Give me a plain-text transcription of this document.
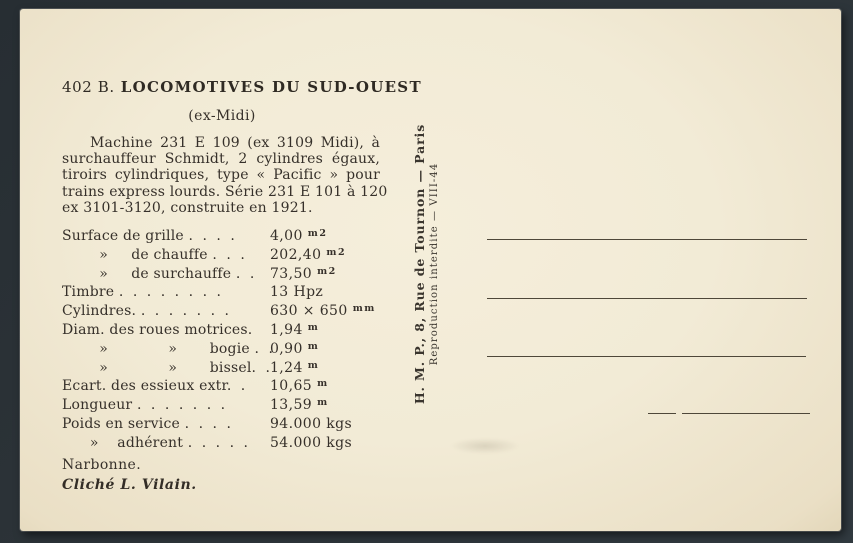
402 B. LOCOMOTIVES DU SUD-OUEST
(ex-Midi)
Machine 231 E 109 (ex 3109 Midi), à
surchauffeur Schmidt, 2 cylindres égaux,
tiroirs cylindriques, type « Pacific » pour
trains express lourds. Série 231 E 101 à 120
ex 3101-3120, construite en 1921.
Surface de grille .  .  .  . 4,00 $^{m2}$
»     de chauffe .  .  . 202,40 $^{m2}$
»     de surchauffe .  . 73,50 $^{m2}$
Timbre .  .  .  .  .  .  .  .	13 Hpz
Cylindres. .  .  .  .  .  .  .	630 × 650 $^{mm}$
Diam. des roues motrices. 1,94 $^m$
»             »       bogie .  .0,90 $^m$
»             »       bissel.  .1,24 $^m$
Ecart. des essieux extr.  . 10,65 $^m$
Longueur .  .  .  .  .  .  .	13,59 $^m$
Poids en service .  .  .  .	94.000 kgs
»    adhérent .  .  .  .  . 54.000 kgs
Narbonne.
Cliché L. Vilain.
H. M. P., 8, Rue de Tournon — Paris Reproduction interdite — VIII-44
